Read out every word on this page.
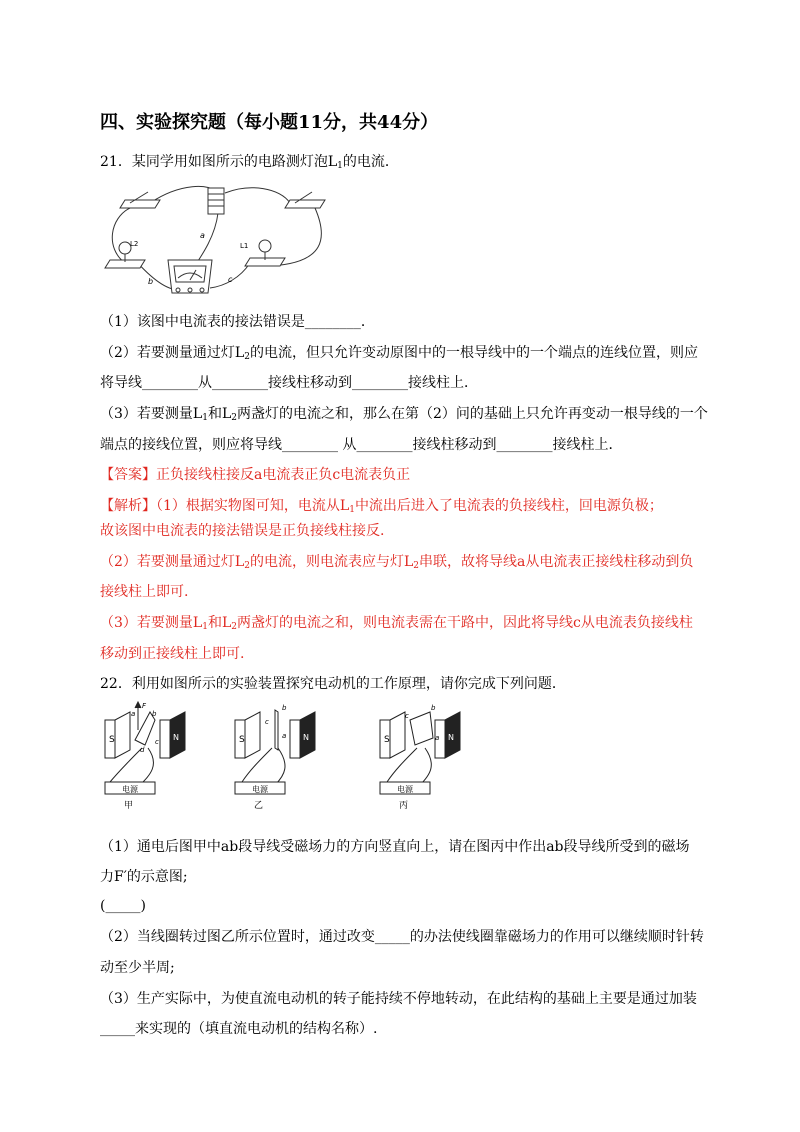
四、实验探究题（每小题11分，共44分）
21．某同学用如图所示的电路测灯泡$L_1$的电流．
L2	L1
a
b	c
（1）该图中电流表的接法错误是________．
（2）若要测量通过灯$L_2$的电流，但只允许变动原图中的一根导线中的一个端点的连线位置，则应
将导线________从________接线柱移动到________接线柱上．
（3）若要测量$L_1$和$L_2$两盏灯的电流之和，那么在第（2）问的基础上只允许再变动一根导线的一个
端点的接线位置，则应将导线________ 从________接线柱移动到________接线柱上．
【答案】正负接线柱接反a电流表正负c电流表负正
【解析】（1）根据实物图可知，电流从$L_1$中流出后进入了电流表的负接线柱，回电源负极；
故该图中电流表的接法错误是正负接线柱接反.
（2）若要测量通过灯$L_2$的电流，则电流表应与灯$L_2$串联，故将导线a从电流表正接线柱移动到负
接线柱上即可.
（3）若要测量$L_1$和$L_2$两盏灯的电流之和，则电流表需在干路中，因此将导线c从电流表负接线柱
移动到正接线柱上即可.
22．利用如图所示的实验装置探究电动机的工作原理，请你完成下列问题．
S	N
F
a b
c
d
电源
甲
S	N
b
c
a
电源
乙
S	N
c
b
a
电源
丙
（1）通电后图甲中ab段导线受磁场力的方向竖直向上，请在图丙中作出ab段导线所受到的磁场
力F′的示意图;
(_____)
（2）当线圈转过图乙所示位置时，通过改变_____的办法使线圈靠磁场力的作用可以继续顺时针转
动至少半周;
（3）生产实际中，为使直流电动机的转子能持续不停地转动，在此结构的基础上主要是通过加装
_____来实现的（填直流电动机的结构名称）.
